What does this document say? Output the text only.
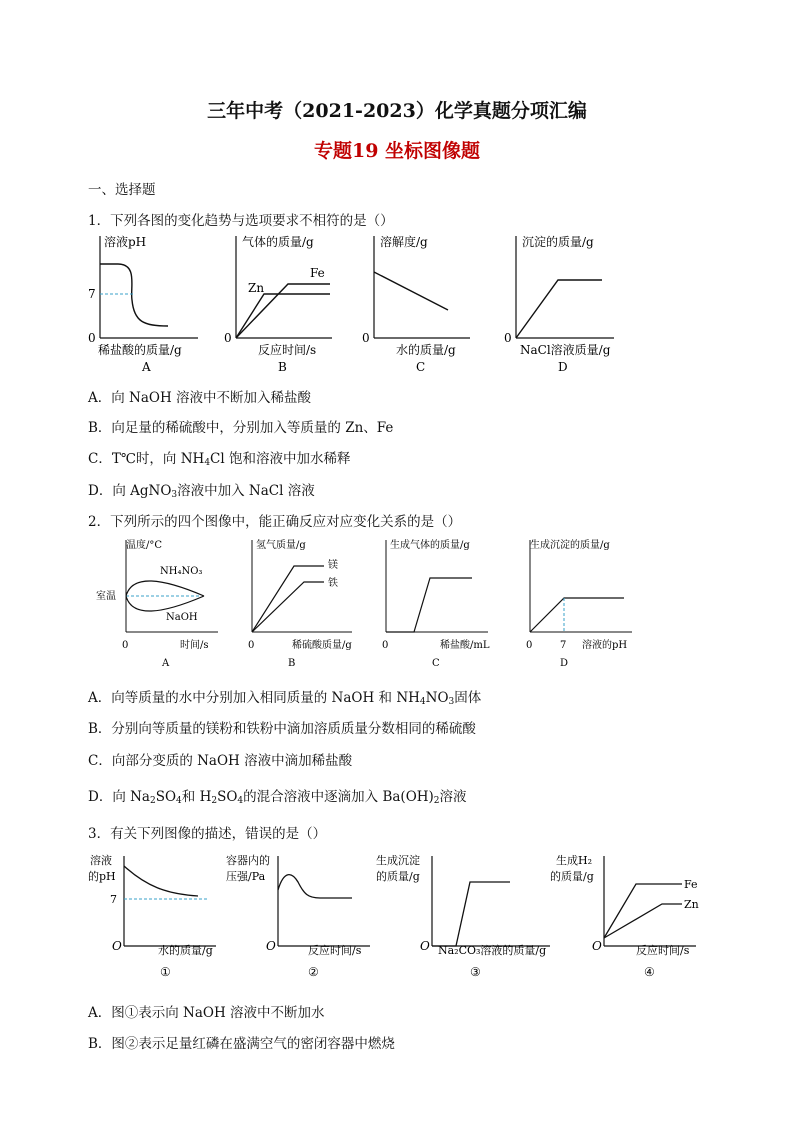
三年中考（2021-2023）化学真题分项汇编
专题19 坐标图像题
一、选择题
1．下列各图的变化趋势与选项要求不相符的是（）
溶液pH
7
0
稀盐酸的质量/g
A
气体的质量/g
Fe
Zn
0
反应时间/s
B
溶解度/g
0
水的质量/g
C
沉淀的质量/g
0
NaCl溶液质量/g
D
A．向 NaOH 溶液中不断加入稀盐酸
B．向足量的稀硫酸中，分别加入等质量的 Zn、Fe
C．T℃时，向 $NH_4Cl$ 饱和溶液中加水稀释
D．向 AgNO$_3$溶液中加入 NaCl 溶液
2．下列所示的四个图像中，能正确反应对应变化关系的是（）
温度/°C
NH₄NO₃
室温
NaOH
0	时间/s
A
氢气质量/g
镁
铁
0	稀硫酸质量/g
B
生成气体的质量/g
0	稀盐酸/mL
C
生成沉淀的质量/g
0	7 溶液的pH
D
A．向等质量的水中分别加入相同质量的 NaOH 和 $NH_4NO_3$固体
B．分别向等质量的镁粉和铁粉中滴加溶质质量分数相同的稀硫酸
C．向部分变质的 NaOH 溶液中滴加稀盐酸
D．向 $Na_2SO_4$和 $H_2SO_4$的混合溶液中逐滴加入 $Ba(OH)_2$溶液
3．有关下列图像的描述，错误的是（）
溶液
的pH
7
O	水的质量/g
①
容器内的
压强/Pa
O	反应时间/s
②
生成沉淀
的质量/g
O Na₂CO₃溶液的质量/g
③
生成H₂
的质量/g
Fe
Zn
O	反应时间/s
④
A．图①表示向 NaOH 溶液中不断加水
B．图②表示足量红磷在盛满空气的密闭容器中燃烧
